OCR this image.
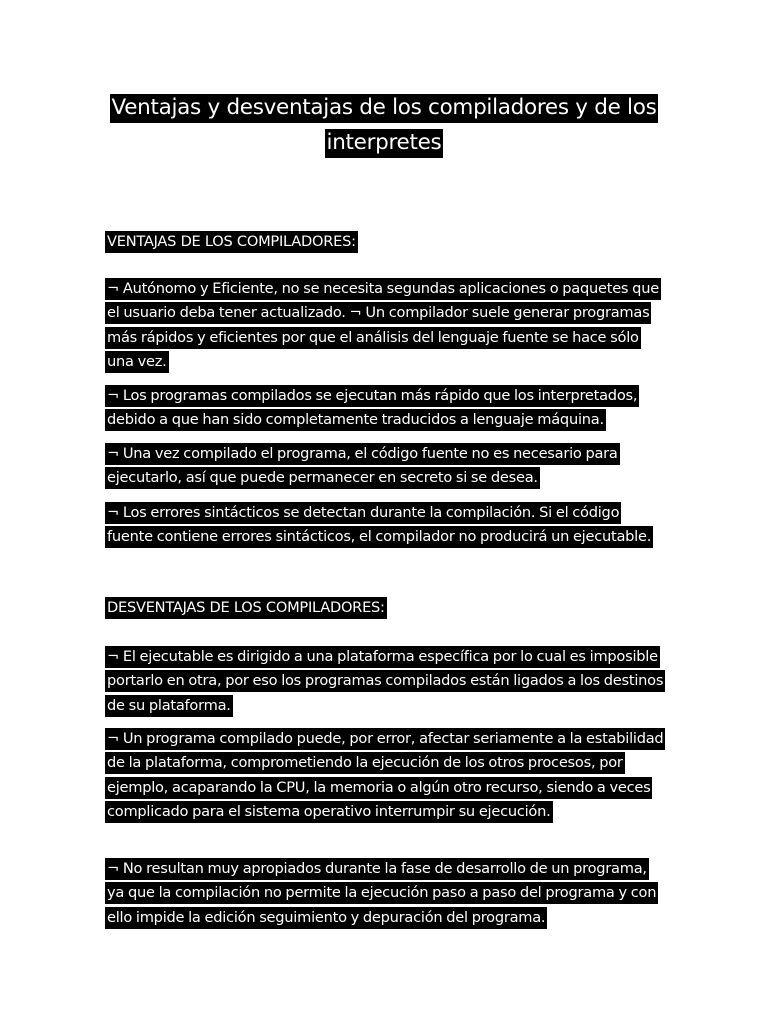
Ventajas y desventajas de los compiladores y de los interpretes
VENTAJAS DE LOS COMPILADORES:
¬ Autónomo y Eficiente, no se necesita segundas aplicaciones o paquetes que el usuario deba tener actualizado. ¬ Un compilador suele generar programas más rápidos y eficientes por que el análisis del lenguaje fuente se hace sólo una vez.
¬ Los programas compilados se ejecutan más rápido que los interpretados, debido a que han sido completamente traducidos a lenguaje máquina.
¬ Una vez compilado el programa, el código fuente no es necesario para ejecutarlo, así que puede permanecer en secreto si se desea.
¬ Los errores sintácticos se detectan durante la compilación. Si el código fuente contiene errores sintácticos, el compilador no producirá un ejecutable.
DESVENTAJAS DE LOS COMPILADORES:
¬ El ejecutable es dirigido a una plataforma específica por lo cual es imposible portarlo en otra, por eso los programas compilados están ligados a los destinos de su plataforma.
¬ Un programa compilado puede, por error, afectar seriamente a la estabilidad de la plataforma, comprometiendo la ejecución de los otros procesos, por ejemplo, acaparando la CPU, la memoria o algún otro recurso, siendo a veces complicado para el sistema operativo interrumpir su ejecución.
¬ No resultan muy apropiados durante la fase de desarrollo de un programa, ya que la compilación no permite la ejecución paso a paso del programa y con ello impide la edición seguimiento y depuración del programa.
